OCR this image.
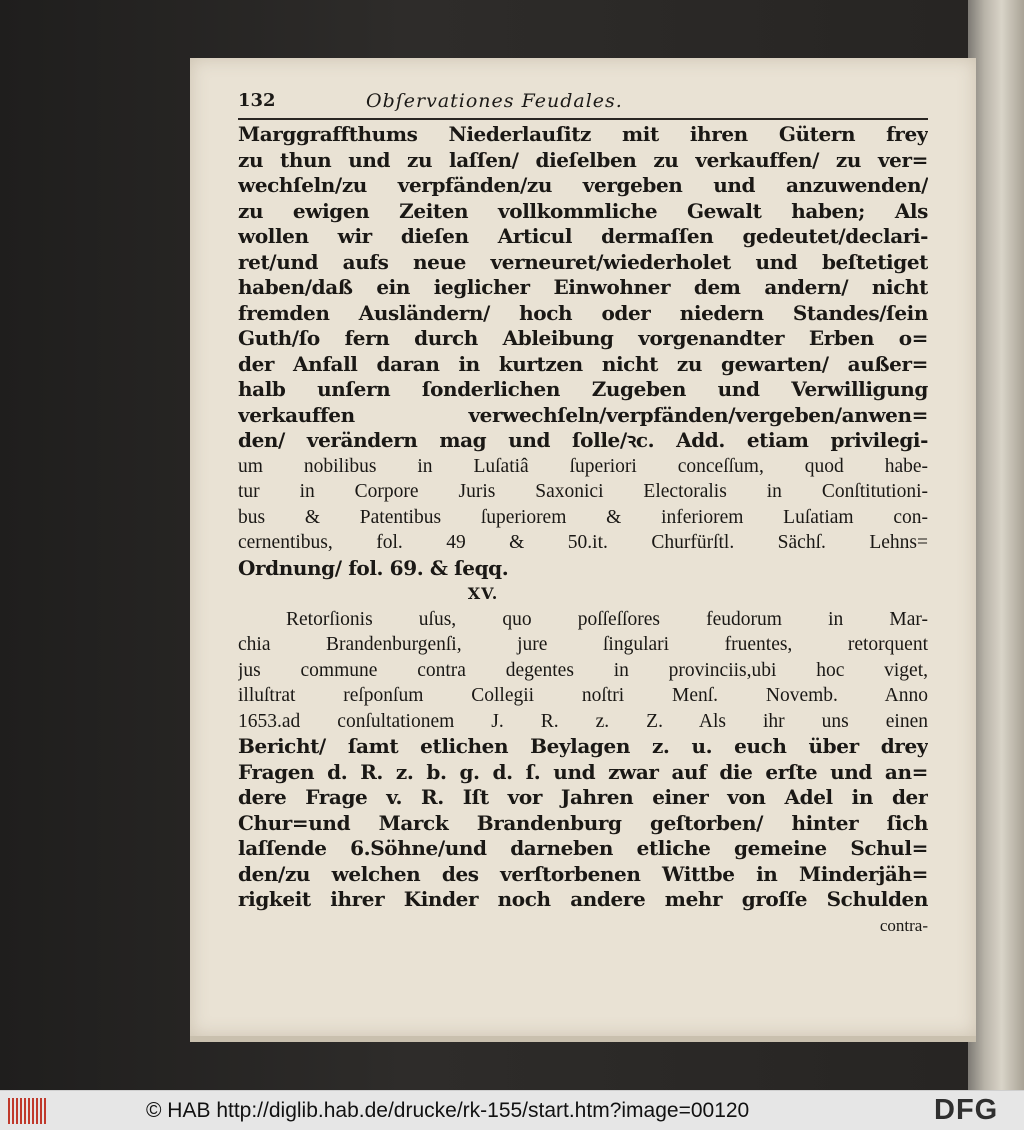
132	Obſervationes Feudales.
Marggraffthums Niederlauſitz mit ihren Gütern frey
zu thun und zu laſſen/ dieſelben zu verkauffen/ zu ver=
wechſeln/zu verpfänden/zu vergeben und anzuwenden/
zu ewigen Zeiten vollkommliche Gewalt haben; Als
wollen wir dieſen Articul dermaſſen gedeutet/declari-
ret/und aufs neue verneuret/wiederholet und beſtetiget
haben/daß ein ieglicher Einwohner dem andern/ nicht
fremden Ausländern/ hoch oder niedern Standes/ſein
Guth/ſo fern durch Ableibung vorgenandter Erben o=
der Anfall daran in kurtzen nicht zu gewarten/ außer=
halb unſern ſonderlichen Zugeben und Verwilligung
verkauffen verwechſeln/verpfänden/vergeben/anwen=
den/ verändern mag und ſolle/ꝛc. Add. etiam privilegi-
um nobilibus in Luſatiâ ſuperiori conceſſum, quod habe-
tur in Corpore Juris Saxonici Electoralis in Conſtitutioni-
bus & Patentibus ſuperiorem & inferiorem Luſatiam con-
cernentibus, fol. 49 & 50.it. Churfürſtl. Sächſ. Lehns=
Ordnung/ fol. 69. & ſeqq.
XV.
Retorſionis uſus, quo poſſeſſores feudorum in Mar-
chia Brandenburgenſi, jure ſingulari fruentes, retorquent
jus commune contra degentes in provinciis,ubi hoc viget,
illuſtrat reſponſum Collegii noſtri Menſ. Novemb. Anno
1653.ad conſultationem J. R. z. Z. Als ihr uns einen
Bericht/ ſamt etlichen Beylagen z. u. euch über drey
Fragen d. R. z. b. g. d. ſ. und zwar auf die erſte und an=
dere Frage v. R. Iſt vor Jahren einer von Adel in der
Chur=und Marck Brandenburg geſtorben/ hinter ſich
laſſende 6.Söhne/und darneben etliche gemeine Schul=
den/zu welchen des verſtorbenen Wittbe in Minderjäh=
rigkeit ihrer Kinder noch andere mehr groſſe Schulden
contra-
© HAB http://diglib.hab.de/drucke/rk-155/start.htm?image=00120	DFG
